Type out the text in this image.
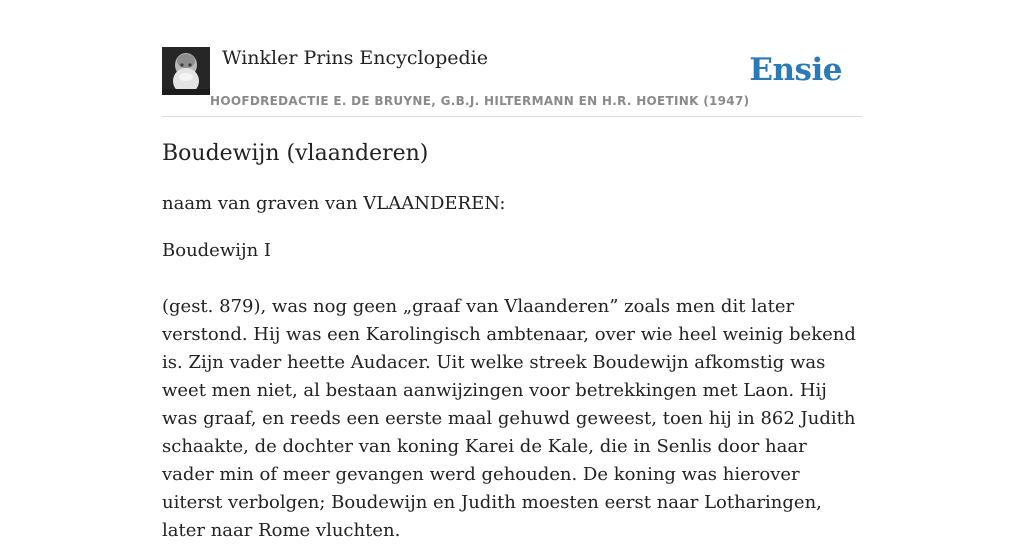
Winkler Prins Encyclopedie
HOOFDREDACTIE E. DE BRUYNE, G.B.J. HILTERMANN EN H.R. HOETINK (1947)
Ensie
Boudewijn (vlaanderen)

naam van graven van VLAANDEREN:

Boudewijn I

(gest. 879), was nog geen „graaf van Vlaanderen” zoals men dit later verstond. Hij was een Karolingisch ambtenaar, over wie heel weinig bekend is. Zijn vader heette Audacer. Uit welke streek Boudewijn afkomstig was weet men niet, al bestaan aanwijzingen voor betrekkingen met Laon. Hij was graaf, en reeds een eerste maal gehuwd geweest, toen hij in 862 Judith schaakte, de dochter van koning Karei de Kale, die in Senlis door haar vader min of meer gevangen werd gehouden. De koning was hierover uiterst verbolgen; Boudewijn en Judith moesten eerst naar Lotharingen, later naar Rome vluchten.
